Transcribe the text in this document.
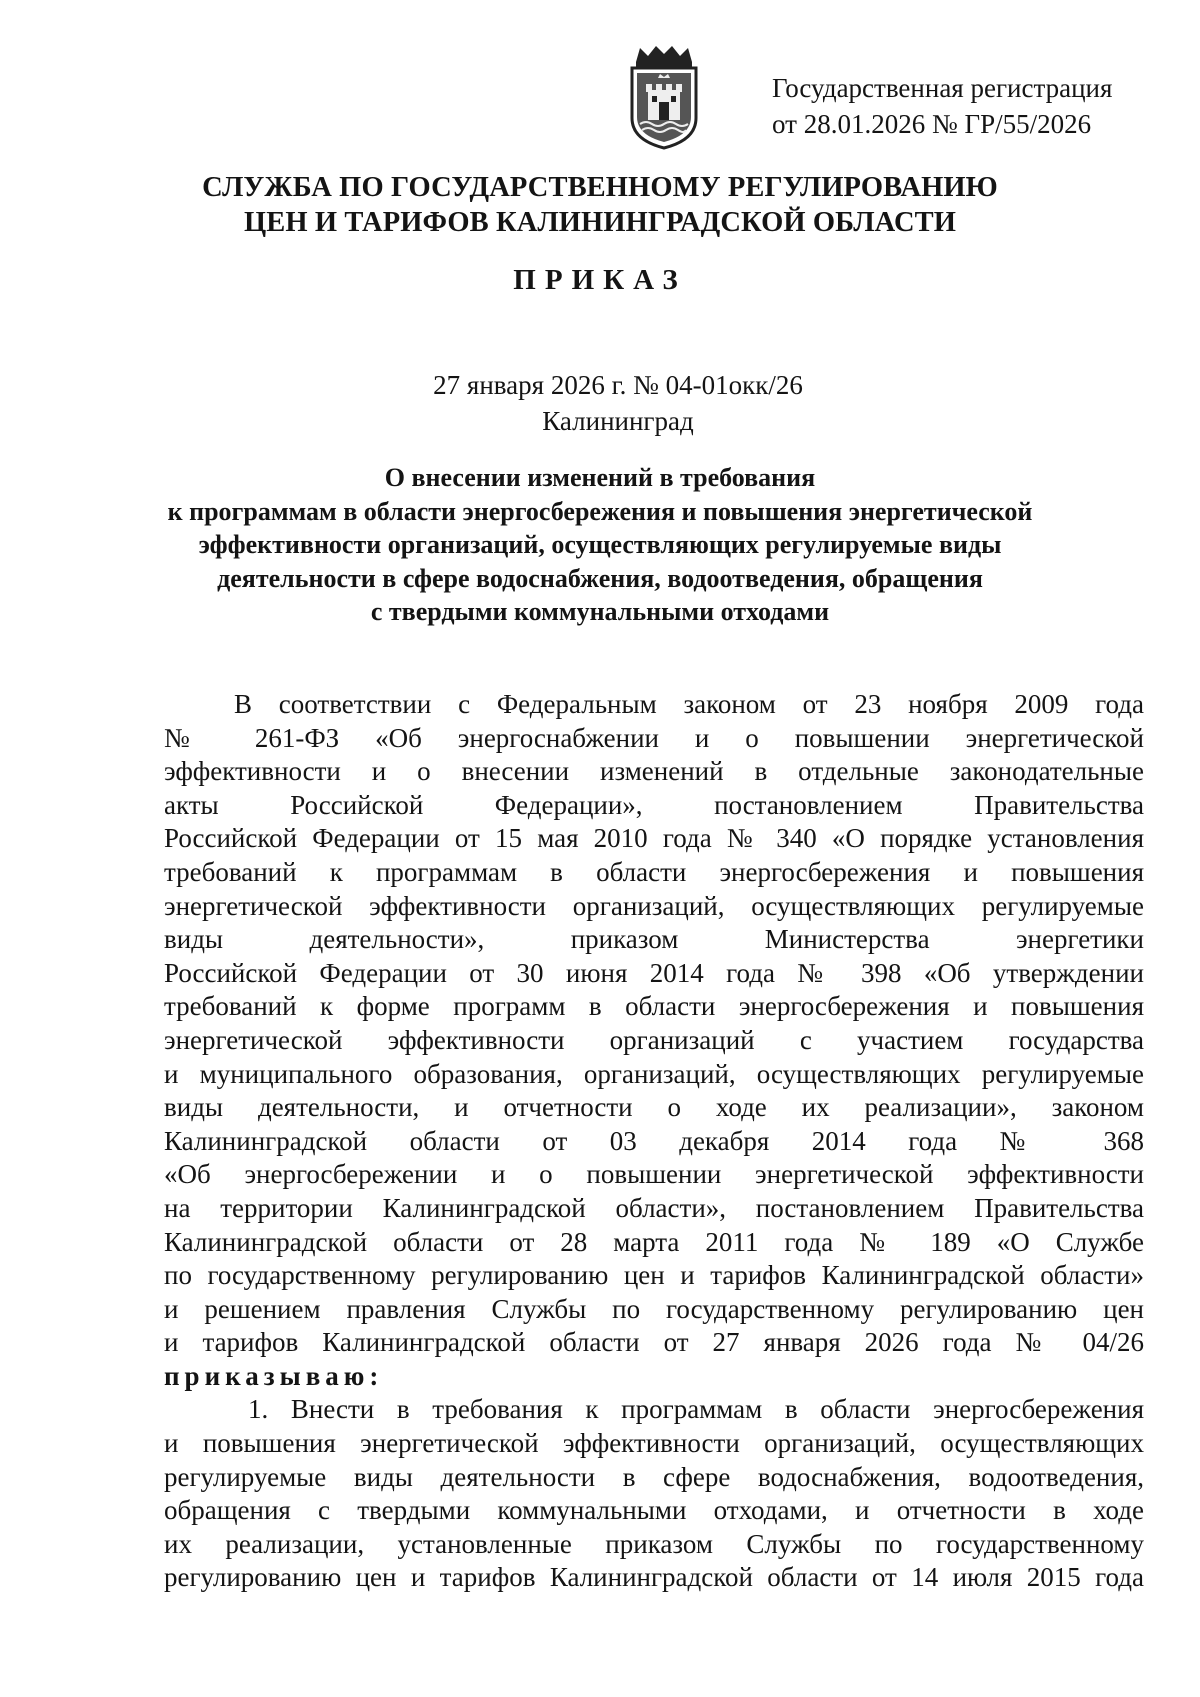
Государственная регистрация
от 28.01.2026 № ГР/55/2026
СЛУЖБА ПО ГОСУДАРСТВЕННОМУ РЕГУЛИРОВАНИЮ
ЦЕН И ТАРИФОВ КАЛИНИНГРАДСКОЙ ОБЛАСТИ
ПРИКАЗ
27 января 2026 г. № 04-01окк/26
Калининград
О внесении изменений в требования
к программам в области энергосбережения и повышения энергетической
эффективности организаций, осуществляющих регулируемые виды
деятельности в сфере водоснабжения, водоотведения, обращения
с твердыми коммунальными отходами
В соответствии с Федеральным законом от 23 ноября 2009 года
№ 261-ФЗ «Об энергоснабжении и о повышении энергетической
эффективности и о внесении изменений в отдельные законодательные
акты Российской Федерации», постановлением Правительства
Российской Федерации от 15 мая 2010 года № 340 «О порядке установления
требований к программам в области энергосбережения и повышения
энергетической эффективности организаций, осуществляющих регулируемые
виды деятельности», приказом Министерства энергетики
Российской Федерации от 30 июня 2014 года № 398 «Об утверждении
требований к форме программ в области энергосбережения и повышения
энергетической эффективности организаций с участием государства
и муниципального образования, организаций, осуществляющих регулируемые
виды деятельности, и отчетности о ходе их реализации», законом
Калининградской области от 03 декабря 2014 года № 368
«Об энергосбережении и о повышении энергетической эффективности
на территории Калининградской области», постановлением Правительства
Калининградской области от 28 марта 2011 года № 189 «О Службе
по государственному регулированию цен и тарифов Калининградской области»
и решением правления Службы по государственному регулированию цен
и тарифов Калининградской области от 27 января 2026 года № 04/26
приказываю:
1. Внести в требования к программам в области энергосбережения
и повышения энергетической эффективности организаций, осуществляющих
регулируемые виды деятельности в сфере водоснабжения, водоотведения,
обращения с твердыми коммунальными отходами, и отчетности в ходе
их реализации, установленные приказом Службы по государственному
регулированию цен и тарифов Калининградской области от 14 июля 2015 года
